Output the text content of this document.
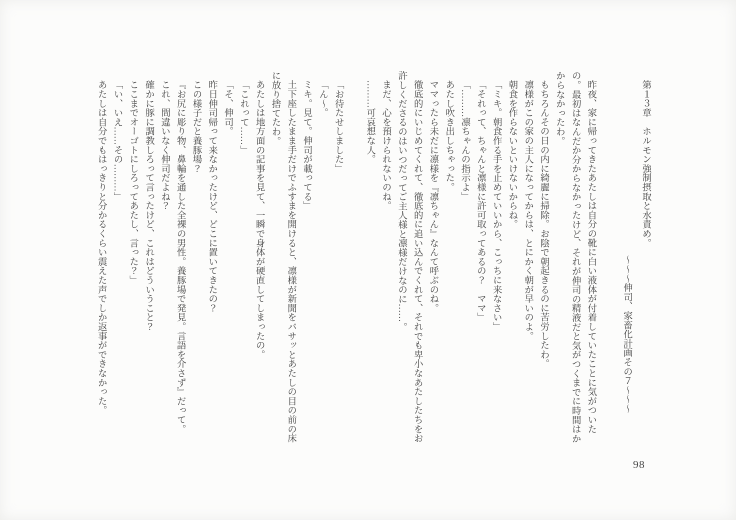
第１３章　ホルモン強制摂取と水責め。

～～～伸司、家畜化計画その７～～～

昨夜、家に帰ってきたあたしは自分の靴に白い液体が付着していたことに気がついたの。最初はなんだか分からなかったけど、それが伸司の精液だと気がつくまでに時間はかからなかったわ。

もちろんその日の内に綺麗に掃除。お陰で朝起きるのに苦労したわ。

凛様がこの家の主人になってからは、とにかく朝が早いのよ。

朝食を作らないといけないからね。

「ミキ。朝食作る手を止めていいから、こっちに来なさい」

「それって、ちゃんと凛様に許可取ってあるの？　ママ」

「………凛ちゃんの指示よ」

あたし吹き出しちゃった。

ママったら未だに凛様を『凛ちゃん』なんて呼ぶのね。

徹底的にいじめてくれて、徹底的に追い込んでくれて、それでも卑小なあたしたちをお許しくださるのはいつだってご主人様と凛様だけなのに……。

まだ、心を預けられないのね。

………可哀想な人。

「お待たせしました」

「ん～。

ミキ。見て。伸司が載ってる」

土下座したまま手だけでふすまを開けると、凛様が新聞をバサッとあたしの目の前の床に放り捨てたわ。

あたしは地方面の記事を見て、一瞬で身体が硬直してしまったの。

「これって……」

「そ、伸司。

昨日伸司帰って来なかったけど、どこに置いてきたの？

この様子だと養豚場？

『お尻に彫り物、鼻輪を通した全裸の男性。養豚場で発見。言語を介さず』だって。

これ、間違いなく伸司だよね？

確かに豚に調教しろって言ったけど、これはどういうこと？

ここまでオーゴトにしろってあたし、言った？」

「い、いえ……その………」

あたしは自分でもはっきりと分かるくらい震えた声でしか返事ができなかった。

98
